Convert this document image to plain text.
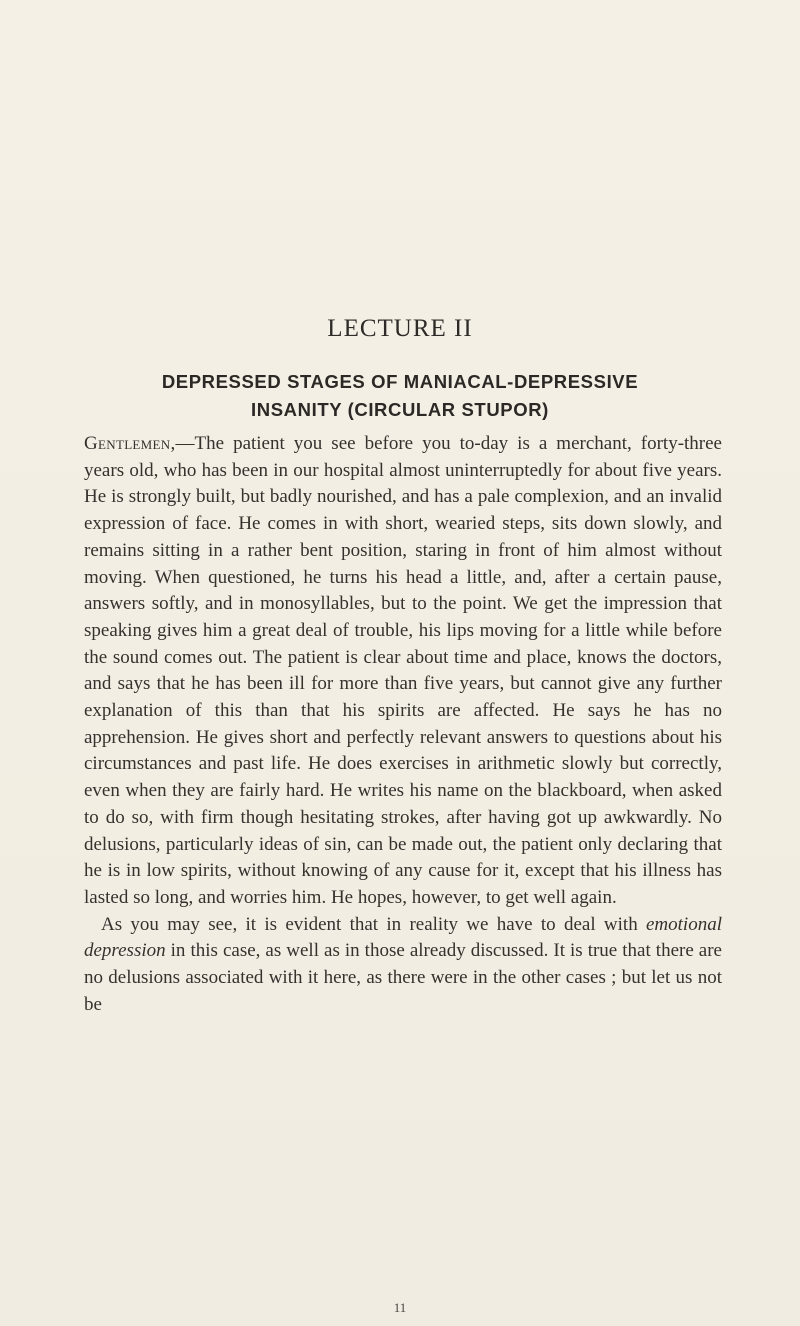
LECTURE II
DEPRESSED STAGES OF MANIACAL-DEPRESSIVE
INSANITY (CIRCULAR STUPOR)

Gentlemen,—The patient you see before you to-day is a merchant, forty-three years old, who has been in our hospital almost uninterruptedly for about five years. He is strongly built, but badly nourished, and has a pale complexion, and an invalid expression of face. He comes in with short, wearied steps, sits down slowly, and remains sitting in a rather bent position, staring in front of him almost without moving. When questioned, he turns his head a little, and, after a certain pause, answers softly, and in monosyllables, but to the point. We get the impression that speaking gives him a great deal of trouble, his lips moving for a little while before the sound comes out. The patient is clear about time and place, knows the doctors, and says that he has been ill for more than five years, but cannot give any further explanation of this than that his spirits are affected. He says he has no apprehension. He gives short and perfectly relevant answers to questions about his circumstances and past life. He does exercises in arithmetic slowly but correctly, even when they are fairly hard. He writes his name on the blackboard, when asked to do so, with firm though hesitating strokes, after having got up awkwardly. No delusions, particularly ideas of sin, can be made out, the patient only declaring that he is in low spirits, without knowing of any cause for it, except that his illness has lasted so long, and worries him. He hopes, however, to get well again.

As you may see, it is evident that in reality we have to deal with emotional depression in this case, as well as in those already discussed. It is true that there are no delusions associated with it here, as there were in the other cases ; but let us not be

11
